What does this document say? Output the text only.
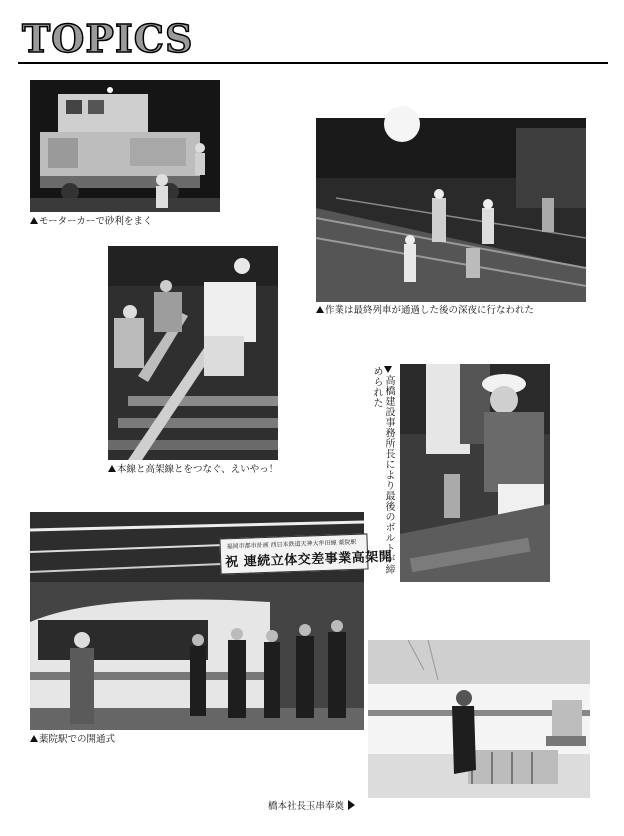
TOPICS
モーターカーで砂利をまく
作業は最終列車が通過した後の深夜に行なわれた
本線と高架線とをつなぐ、えいやっ！	高橋建設事務所長により最後のボルトが締められた
福岡市都市計画 西日本鉄道天神大牟田線 薬院駅
祝 連続立体交差事業高架開
薬院駅での開通式
橋本社長玉串奉奠
